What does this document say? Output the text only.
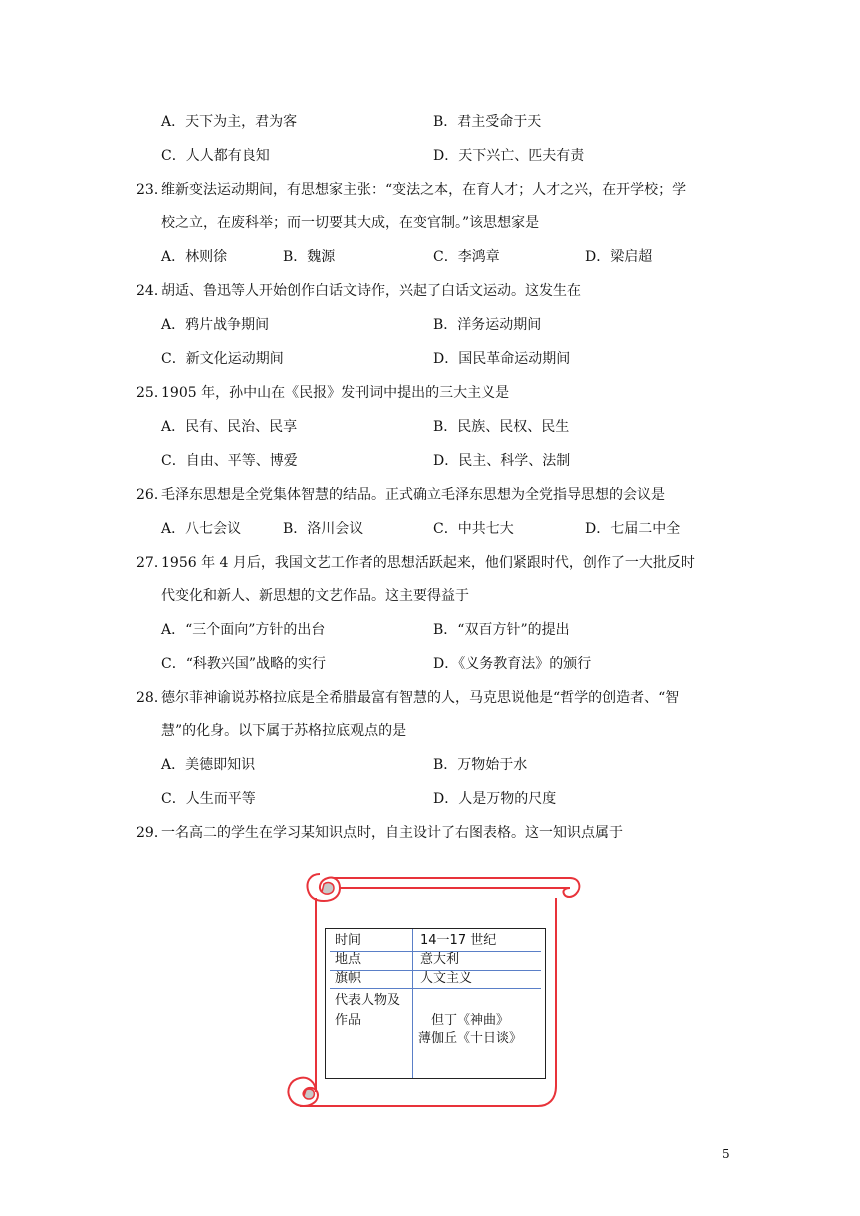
A．天下为主，君为客	B．君主受命于天
C．人人都有良知	D．天下兴亡、匹夫有责
23．
维新变法运动期间，有思想家主张：“变法之本，在育人才；人才之兴，在开学校；学
校之立，在废科举；而一切要其大成，在变官制。”该思想家是
A．林则徐	B．魏源	C．李鸿章	D．梁启超
24．
胡适、鲁迅等人开始创作白话文诗作，兴起了白话文运动。这发生在
A．鸦片战争期间	B．洋务运动期间
C．新文化运动期间	D．国民革命运动期间
25．
1905 年，孙中山在《民报》发刊词中提出的三大主义是
A．民有、民治、民享	B．民族、民权、民生
C．自由、平等、博爱	D．民主、科学、法制
26．
毛泽东思想是全党集体智慧的结品。正式确立毛泽东思想为全党指导思想的会议是
A．八七会议	B．洛川会议	C．中共七大	D．七届二中全
27．
1956 年 4 月后，我国文艺工作者的思想活跃起来，他们紧跟时代，创作了一大批反时
代变化和新人、新思想的文艺作品。这主要得益于
A．“三个面向”方针的出台	B．“双百方针”的提出
C．“科教兴国”战略的实行	D．《义务教育法》的颁行
28．
德尔菲神谕说苏格拉底是全希腊最富有智慧的人，马克思说他是“哲学的创造者、“智
慧”的化身。以下属于苏格拉底观点的是
A．美德即知识	B．万物始于水
C．人生而平等	D．人是万物的尺度
29．
一名高二的学生在学习某知识点时，自主设计了右图表格。这一知识点属于
时间	14一17 世纪
地点	意大利
旗帜	人文主义
代表人物及
作品	但丁《神曲》
薄伽丘《十日谈》
5
